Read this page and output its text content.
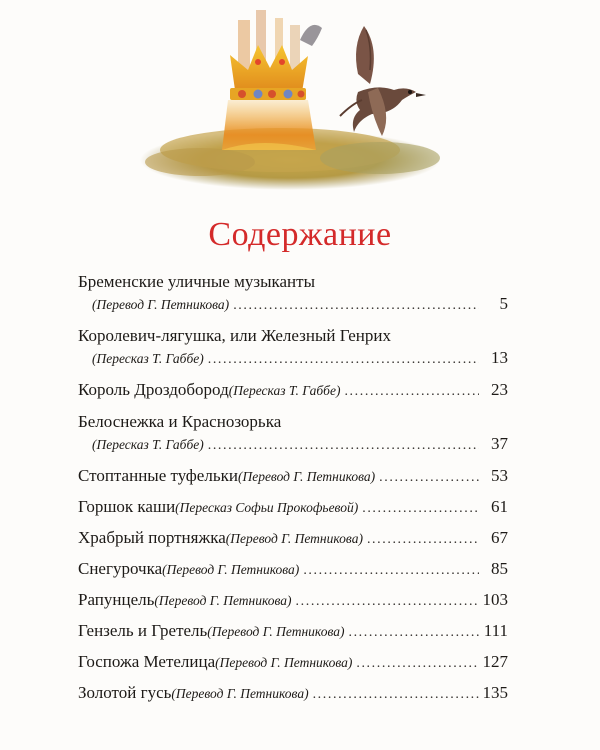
Содержание
Бременские уличные музыканты
(Перевод Г. Петникова) .....	5
Королевич-лягушка, или Железный Генрих
(Пересказ Т. Габбе) .....	13
Король Дроздобород (Пересказ Т. Габбе) .....	23
Белоснежка и Краснозорька
(Пересказ Т. Габбе) .....	37
Стоптанные туфельки (Перевод Г. Петникова) .....	53
Горшок каши (Пересказ Софьи Прокофьевой) .....	61
Храбрый портняжка (Перевод Г. Петникова) .....	67
Снегурочка (Перевод Г. Петникова) .....	85
Рапунцель (Перевод Г. Петникова) .....	103
Гензель и Гретель (Перевод Г. Петникова) .....	111
Госпожа Метелица (Перевод Г. Петникова) .....	127
Золотой гусь (Перевод Г. Петникова) .....	135
